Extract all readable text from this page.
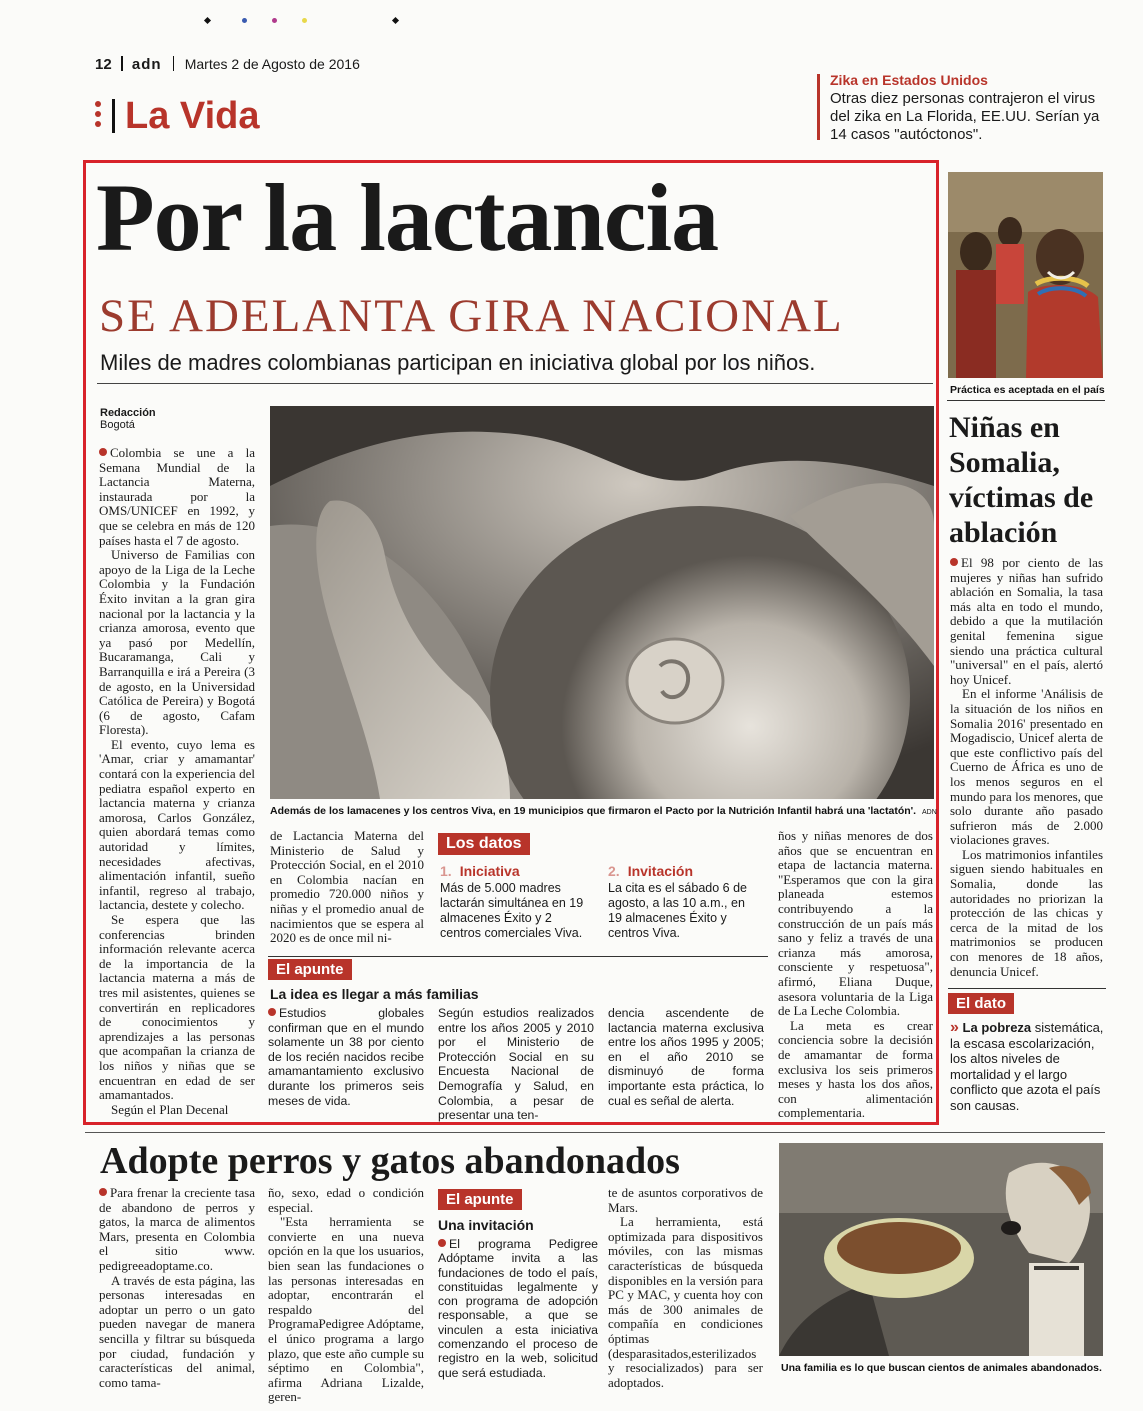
12 adn Martes 2 de Agosto de 2016
La Vida
Zika en Estados Unidos
Otras diez personas contrajeron el virus del zika en La Florida, EE.UU. Serían ya 14 casos "autóctonos".
Por la lactancia
SE ADELANTA GIRA NACIONAL
Miles de madres colombianas participan en iniciativa global por los niños.
Redacción
Bogotá

Colombia se une a la Semana Mundial de la Lactancia Materna, instaurada por la OMS/UNICEF en 1992, y que se celebra en más de 120 países hasta el 7 de agosto.

Universo de Familias con apoyo de la Liga de la Leche Colombia y la Fundación Éxito invitan a la gran gira nacional por la lactancia y la crianza amorosa, evento que ya pasó por Medellín, Bucaramanga, Cali y Barranquilla e irá a Pereira (3 de agosto, en la Universidad Católica de Pereira) y Bogotá (6 de agosto, Cafam Floresta).

El evento, cuyo lema es 'Amar, criar y amamantar' contará con la experiencia del pediatra español experto en lactancia materna y crianza amorosa, Carlos González, quien abordará temas como autoridad y límites, necesidades afectivas, alimentación infantil, sueño infantil, regreso al trabajo, lactancia, destete y colecho.

Se espera que las conferencias brinden información relevante acerca de la importancia de la lactancia materna a más de tres mil asistentes, quienes se convertirán en replicadores de conocimientos y aprendizajes a las personas que acompañan la crianza de los niños y niñas que se encuentran en edad de ser amamantados.

Según el Plan Decenal

Además de los lamacenes y los centros Viva, en 19 municipios que firmaron el Pacto por la Nutrición Infantil habrá una 'lactatón'. ADN

de Lactancia Materna del Ministerio de Salud y Protección Social, en el 2010 en Colombia nacían en promedio 720.000 niños y niñas y el promedio anual de nacimientos que se espera al 2020 es de once mil ni-

Los datos
1. Iniciativa
Más de 5.000 madres lactarán simultánea en 19 almacenes Éxito y 2 centros comerciales Viva.
2. Invitación
La cita es el sábado 6 de agosto, a las 10 a.m., en 19 almacenes Éxito y centros Viva.

ños y niñas menores de dos años que se encuentran en etapa de lactancia materna. "Esperamos que con la gira planeada estemos contribuyendo a la construcción de un país más sano y feliz a través de una crianza más amorosa, consciente y respetuosa", afirmó, Eliana Duque, asesora voluntaria de la Liga de La Leche Colombia.

La meta es crear conciencia sobre la decisión de amamantar de forma exclusiva los seis primeros meses y hasta los dos años, con alimentación complementaria.

El apunte
La idea es llegar a más familias
Estudios globales confirman que en el mundo solamente un 38 por ciento de los recién nacidos recibe amamantamiento exclusivo durante los primeros seis meses de vida.
Según estudios realizados entre los años 2005 y 2010 por el Ministerio de Protección Social en su Encuesta Nacional de Demografía y Salud, en Colombia, a pesar de presentar una ten-
dencia ascendente de lactancia materna exclusiva entre los años 1995 y 2005; en el año 2010 se disminuyó de forma importante esta práctica, lo cual es señal de alerta.
Práctica es aceptada en el país
Niñas en Somalia, víctimas de ablación

El 98 por ciento de las mujeres y niñas han sufrido ablación en Somalia, la tasa más alta en todo el mundo, debido a que la mutilación genital femenina sigue siendo una práctica cultural "universal" en el país, alertó hoy Unicef.

En el informe 'Análisis de la situación de los niños en Somalia 2016' presentado en Mogadiscio, Unicef alerta de que este conflictivo país del Cuerno de África es uno de los menos seguros en el mundo para los menores, que solo durante año pasado sufrieron más de 2.000 violaciones graves.

Los matrimonios infantiles siguen siendo habituales en Somalia, donde las autoridades no priorizan la protección de las chicas y cerca de la mitad de los matrimonios se producen con menores de 18 años, denuncia Unicef.

El dato
» La pobreza sistemática, la escasa escolarización, los altos niveles de mortalidad y el largo conflicto que azota el país son causas.
Adopte perros y gatos abandonados

Para frenar la creciente tasa de abandono de perros y gatos, la marca de alimentos Mars, presenta en Colombia el sitio www. pedigreeadoptame.co.

A través de esta página, las personas interesadas en adoptar un perro o un gato pueden navegar de manera sencilla y filtrar su búsqueda por ciudad, fundación y características del animal, como tama-

ño, sexo, edad o condición especial.

"Esta herramienta se convierte en una nueva opción en la que los usuarios, bien sean las fundaciones o las personas interesadas en adoptar, encontrarán el respaldo del ProgramaPedigree Adóptame, el único programa a largo plazo, que este año cumple su séptimo en Colombia", afirma Adriana Lizalde, geren-

El apunte
Una invitación
El programa Pedigree Adóptame invita a las fundaciones de todo el país, constituidas legalmente y con programa de adopción responsable, a que se vinculen a esta iniciativa comenzando el proceso de registro en la web, solicitud que será estudiada.

te de asuntos corporativos de Mars.

La herramienta, está optimizada para dispositivos móviles, con las mismas características de búsqueda disponibles en la versión para PC y MAC, y cuenta hoy con más de 300 animales de compañía en condiciones óptimas (desparasitados,esterilizados y resocializados) para ser adoptados.

Una familia es lo que buscan cientos de animales abandonados.
